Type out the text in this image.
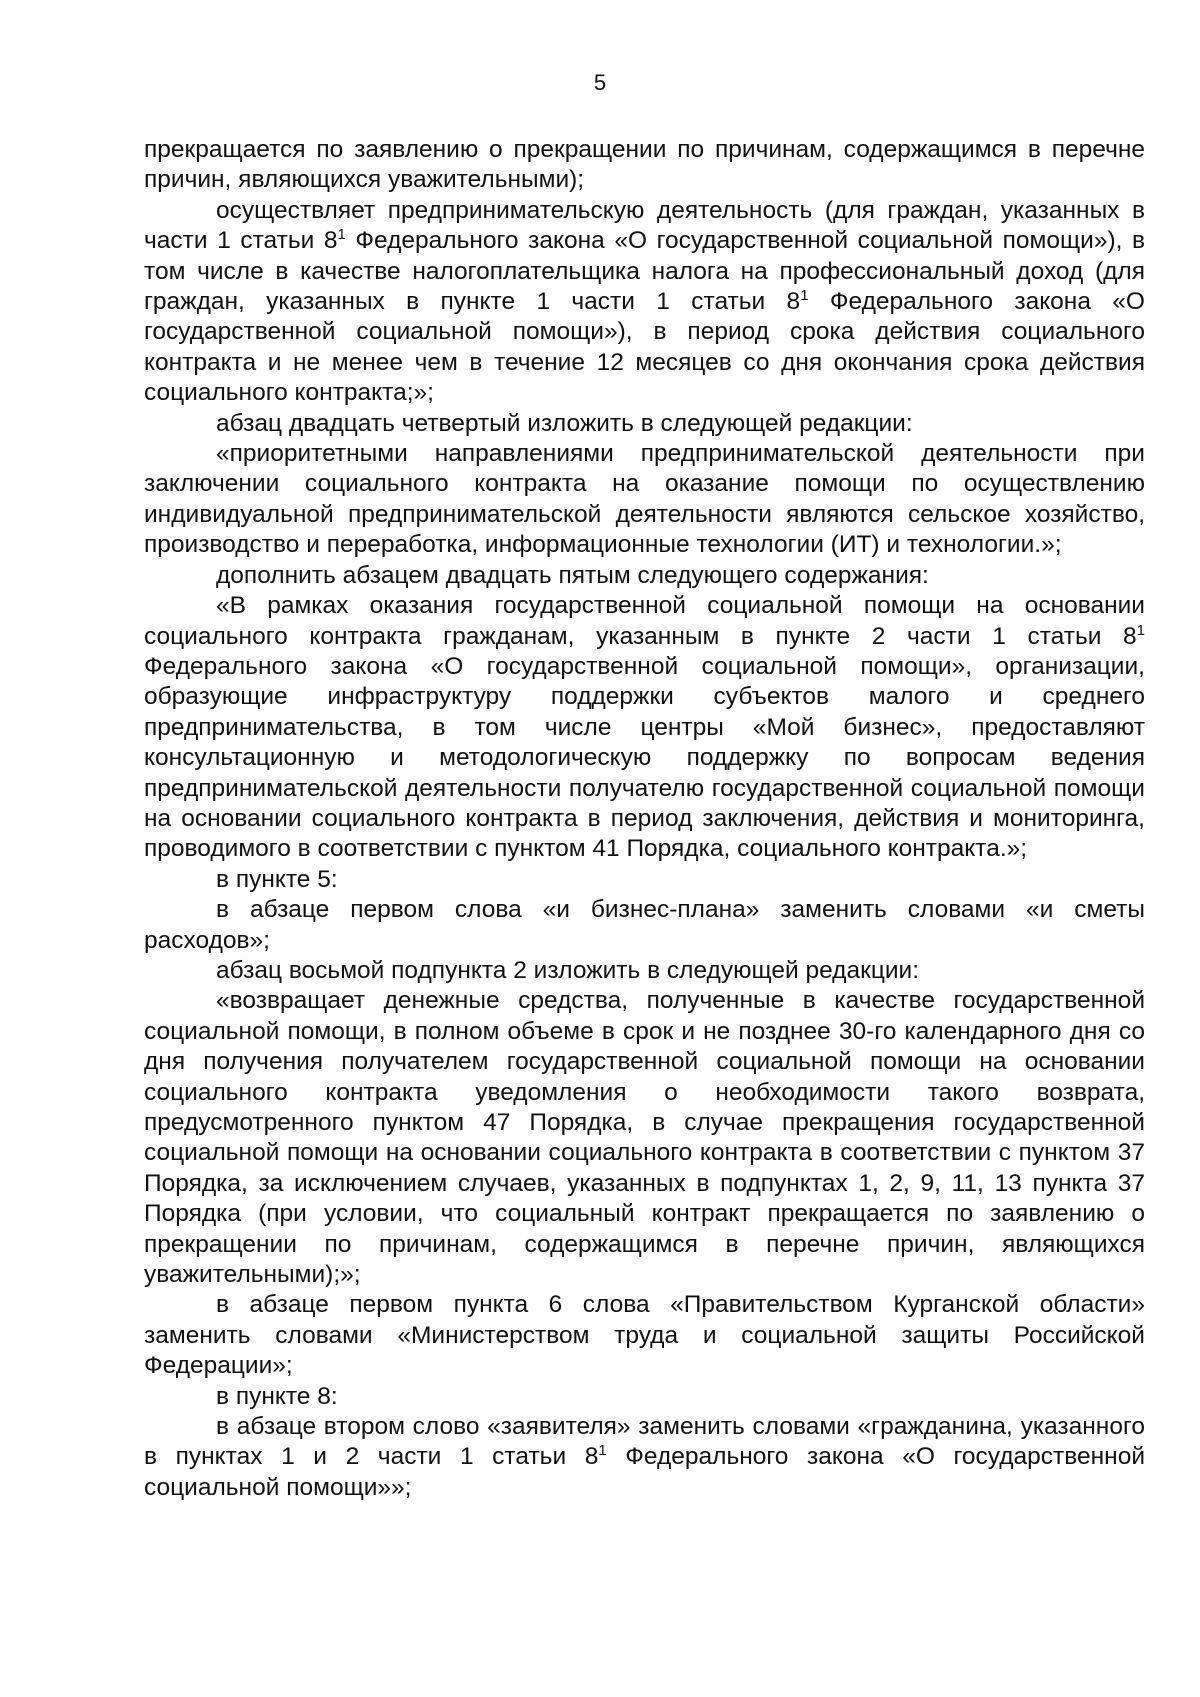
5

прекращается по заявлению о прекращении по причинам, содержащимся в перечне причин, являющихся уважительными);

осуществляет предпринимательскую деятельность (для граждан, указанных в части 1 статьи $8^1$ Федерального закона «О государственной социальной помощи»), в том числе в качестве налогоплательщика налога на профессиональный доход (для граждан, указанных в пункте 1 части 1 статьи $8^1$ Федерального закона «О государственной социальной помощи»), в период срока действия социального контракта и не менее чем в течение 12 месяцев со дня окончания срока действия социального контракта;»;

абзац двадцать четвертый изложить в следующей редакции:

«приоритетными направлениями предпринимательской деятельности при заключении социального контракта на оказание помощи по осуществлению индивидуальной предпринимательской деятельности являются сельское хозяйство, производство и переработка, информационные технологии (ИТ) и технологии.»;

дополнить абзацем двадцать пятым следующего содержания:

«В рамках оказания государственной социальной помощи на основании социального контракта гражданам, указанным в пункте 2 части 1 статьи $8^1$ Федерального закона «О государственной социальной помощи», организации, образующие инфраструктуру поддержки субъектов малого и среднего предпринимательства, в том числе центры «Мой бизнес», предоставляют консультационную и методологическую поддержку по вопросам ведения предпринимательской деятельности получателю государственной социальной помощи на основании социального контракта в период заключения, действия и мониторинга, проводимого в соответствии с пунктом 41 Порядка, социального контракта.»;

в пункте 5:

в абзаце первом слова «и бизнес-плана» заменить словами «и сметы расходов»;

абзац восьмой подпункта 2 изложить в следующей редакции:

«возвращает денежные средства, полученные в качестве государственной социальной помощи, в полном объеме в срок и не позднее 30-го календарного дня со дня получения получателем государственной социальной помощи на основании социального контракта уведомления о необходимости такого возврата, предусмотренного пунктом 47 Порядка, в случае прекращения государственной социальной помощи на основании социального контракта в соответствии с пунктом 37 Порядка, за исключением случаев, указанных в подпунктах 1, 2, 9, 11, 13 пункта 37 Порядка (при условии, что социальный контракт прекращается по заявлению о прекращении по причинам, содержащимся в перечне причин, являющихся уважительными);»;

в абзаце первом пункта 6 слова «Правительством Курганской области» заменить словами «Министерством труда и социальной защиты Российской Федерации»;

в пункте 8:

в абзаце втором слово «заявителя» заменить словами «гражданина, указанного в пунктах 1 и 2 части 1 статьи $8^1$ Федерального закона «О государственной социальной помощи»»;
